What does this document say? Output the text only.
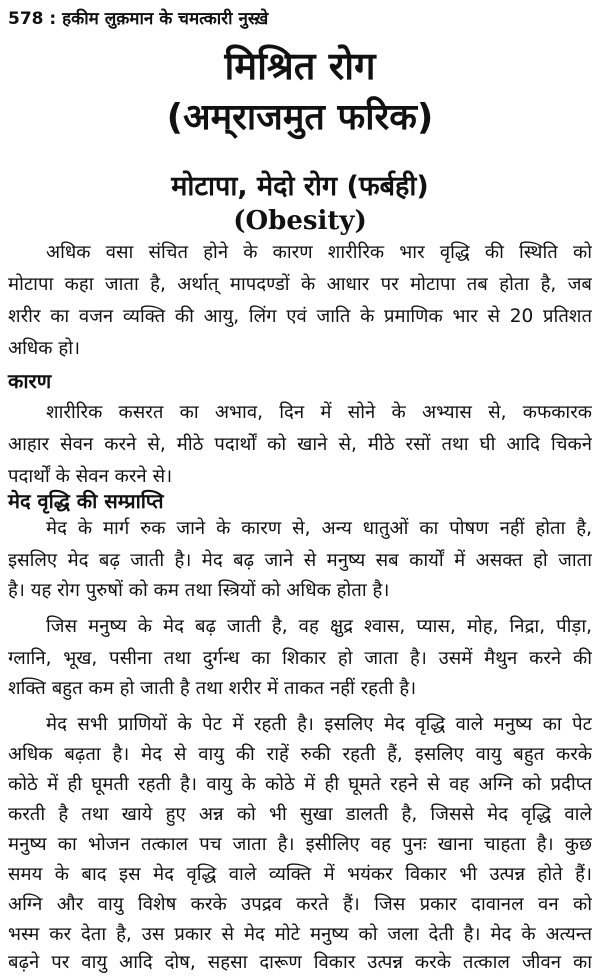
578 : हकीम लुक़मान के चमत्कारी नुस्ख़े
मिश्रित रोग
(अम्‌राजमुत फरिक)
मोटापा, मेदो रोग (फर्बही)
(Obesity)
अधिक वसा संचित होने के कारण शारीरिक भार वृद्धि की स्थिति को
मोटापा कहा जाता है, अर्थात् मापदण्डों के आधार पर मोटापा तब होता है, जब
शरीर का वजन व्यक्ति की आयु, लिंग एवं जाति के प्रमाणिक भार से 20 प्रतिशत
अधिक हो।
कारण
शारीरिक कसरत का अभाव, दिन में सोने के अभ्यास से, कफकारक
आहार सेवन करने से, मीठे पदार्थों को खाने से, मीठे रसों तथा घी आदि चिकने
पदार्थों के सेवन करने से।
मेद वृद्धि की सम्प्राप्ति
मेद के मार्ग रुक जाने के कारण से, अन्य धातुओं का पोषण नहीं होता है,
इसलिए मेद बढ़ जाती है। मेद बढ़ जाने से मनुष्य सब कार्यों में असक्त हो जाता
है। यह रोग पुरुषों को कम तथा स्त्रियों को अधिक होता है।
जिस मनुष्य के मेद बढ़ जाती है, वह क्षुद्र श्‍वास, प्यास, मोह, निद्रा, पीड़ा,
ग्लानि, भूख, पसीना तथा दुर्गन्ध का शिकार हो जाता है। उसमें मैथुन करने की
शक्ति बहुत कम हो जाती है तथा शरीर में ताकत नहीं रहती है।
मेद सभी प्राणियों के पेट में रहती है। इसलिए मेद वृद्धि वाले मनुष्य का पेट
अधिक बढ़ता है। मेद से वायु की राहें रुकी रहती हैं, इसलिए वायु बहुत करके
कोठे में ही घूमती रहती है। वायु के कोठे में ही घूमते रहने से वह अग्नि को प्रदीप्त
करती है तथा खाये हुए अन्न को भी सुखा डालती है, जिससे मेद वृद्धि वाले
मनुष्य का भोजन तत्काल पच जाता है। इसीलिए वह पुनः खाना चाहता है। कुछ
समय के बाद इस मेद वृद्धि वाले व्यक्ति में भयंकर विकार भी उत्पन्न होते हैं।
अग्नि और वायु विशेष करके उपद्रव करते हैं। जिस प्रकार दावानल वन को
भस्म कर देता है, उस प्रकार से मेद मोटे मनुष्य को जला देती है। मेद के अत्यन्त
बढ़ने पर वायु आदि दोष, सहसा दारूण विकार उत्पन्न करके तत्काल जीवन का
